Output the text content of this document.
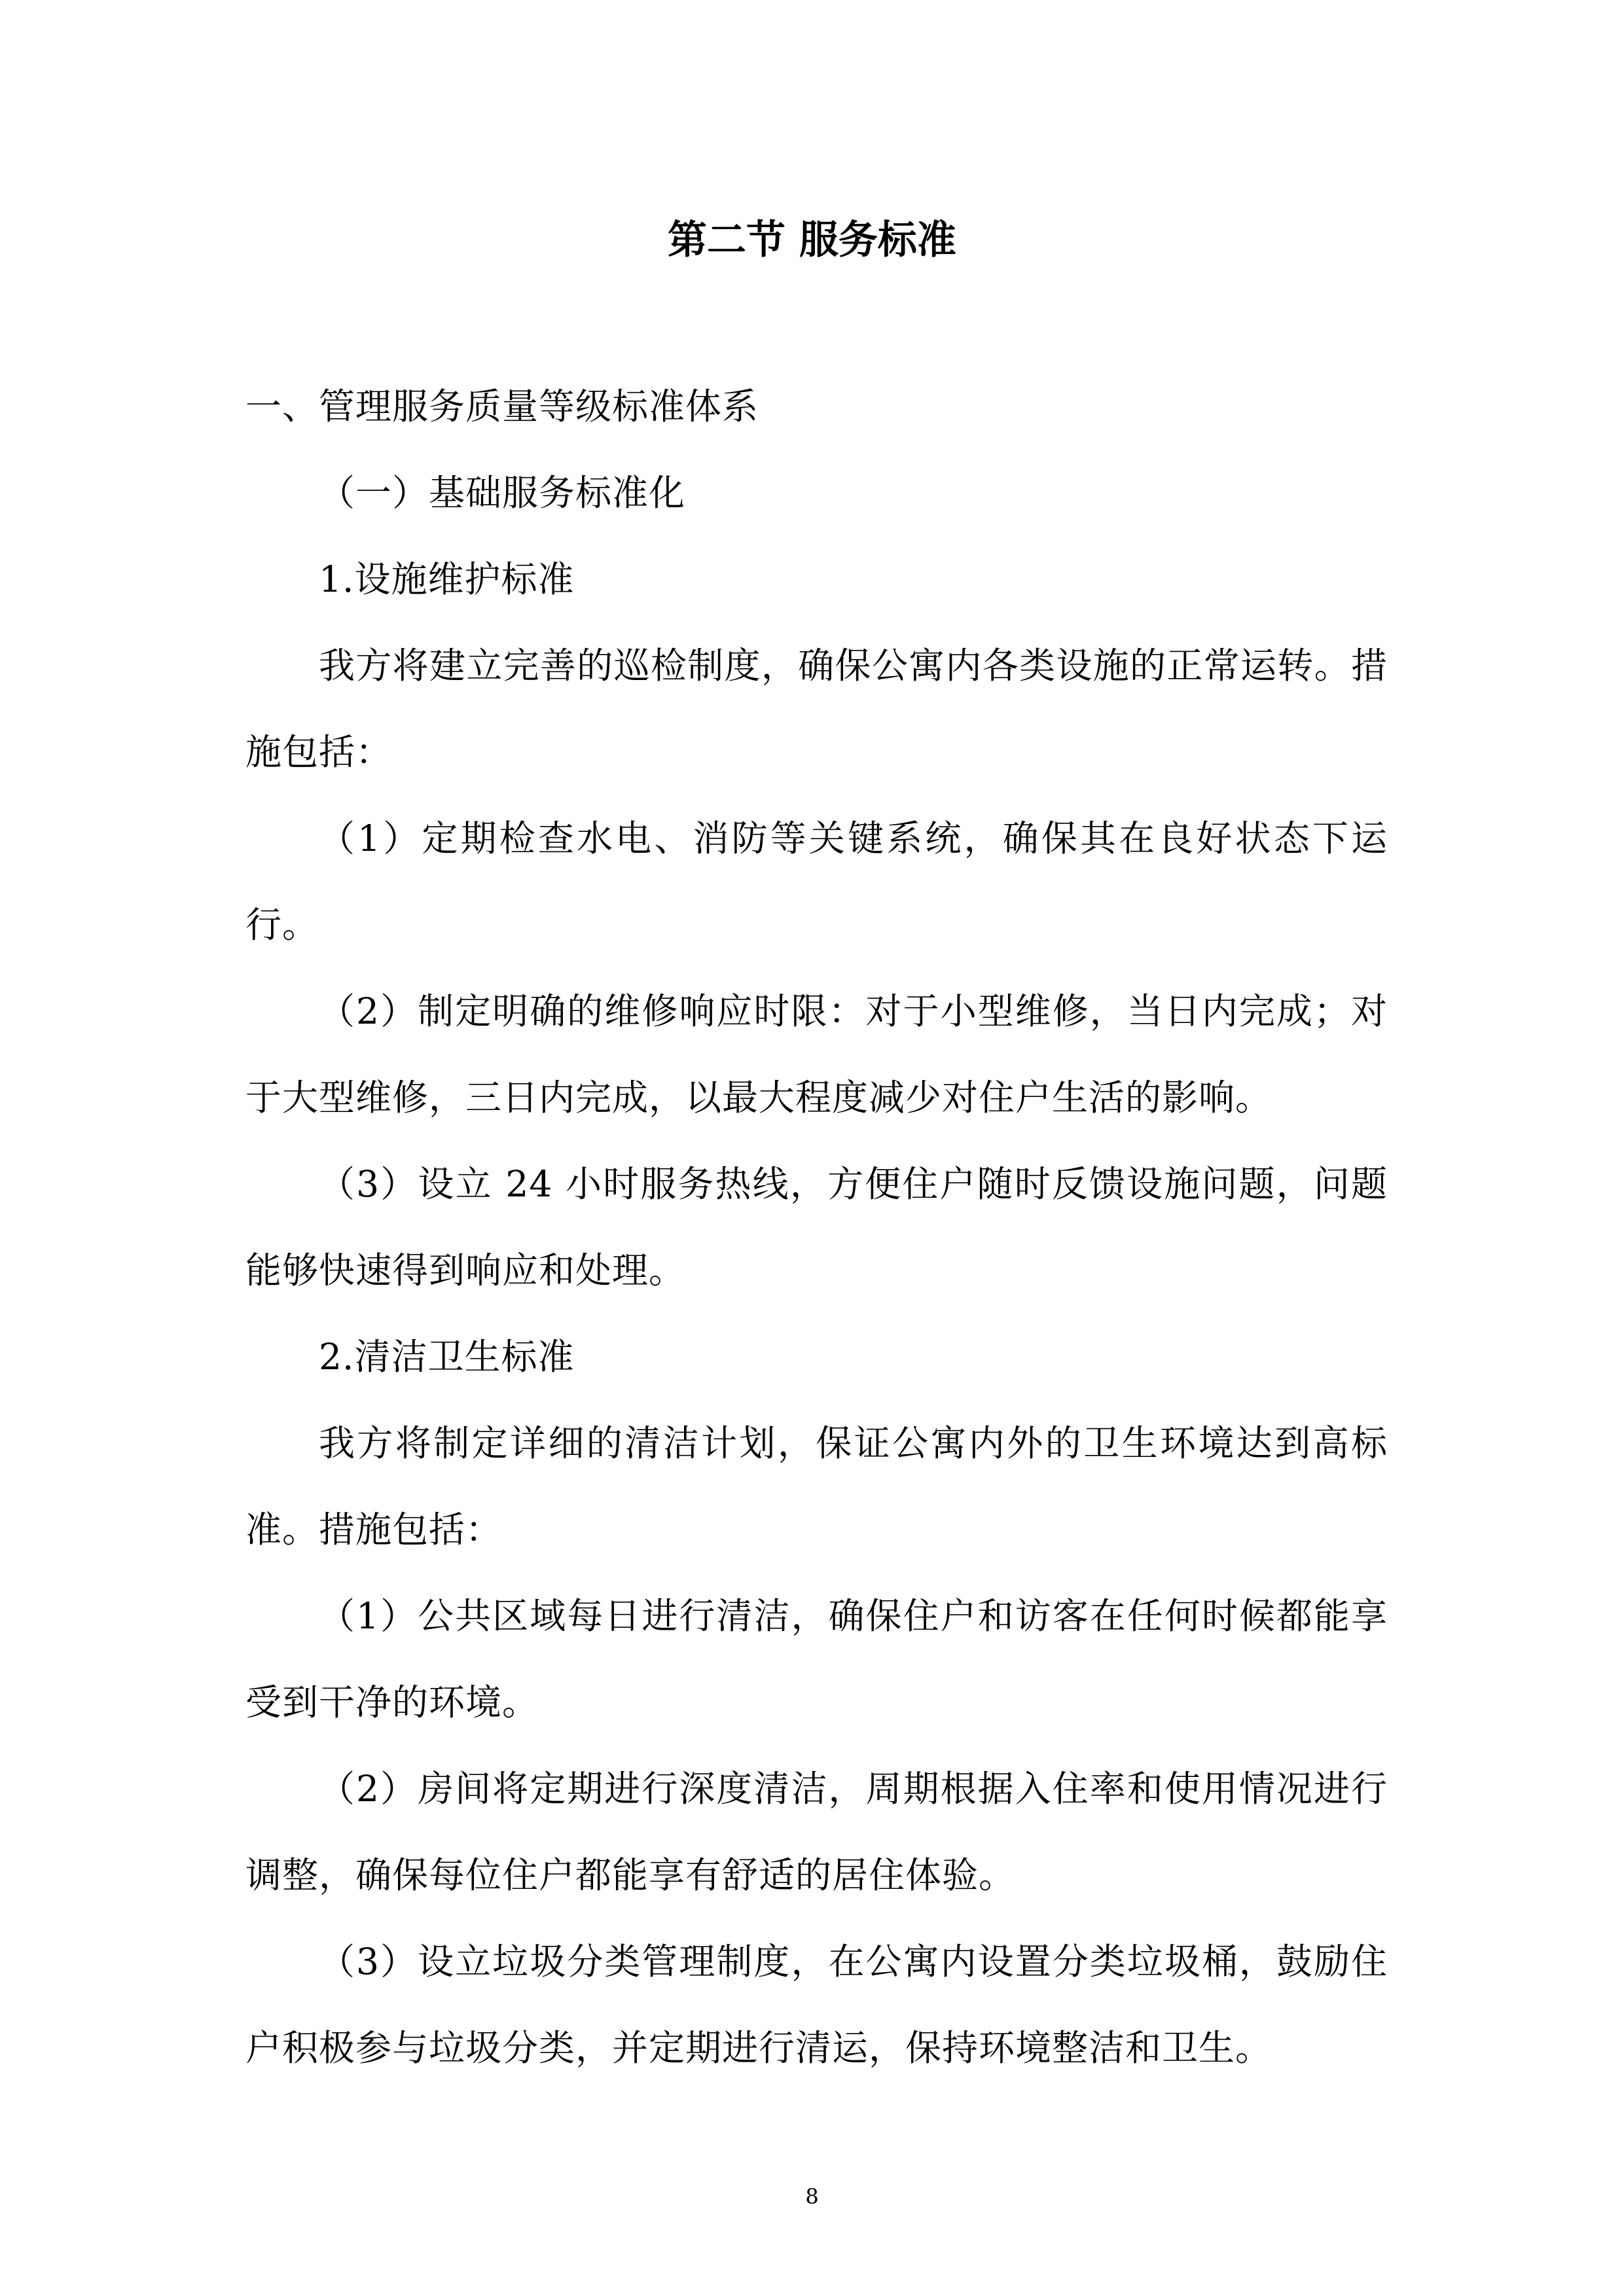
第二节 服务标准

一、管理服务质量等级标准体系

（一）基础服务标准化

1.设施维护标准

我方将建立完善的巡检制度，确保公寓内各类设施的正常运转。措施包括：

（1）定期检查水电、消防等关键系统，确保其在良好状态下运行。

（2）制定明确的维修响应时限：对于小型维修，当日内完成；对于大型维修，三日内完成，以最大程度减少对住户生活的影响。

（3）设立 24 小时服务热线，方便住户随时反馈设施问题，问题能够快速得到响应和处理。

2.清洁卫生标准

我方将制定详细的清洁计划，保证公寓内外的卫生环境达到高标准。措施包括：

（1）公共区域每日进行清洁，确保住户和访客在任何时候都能享受到干净的环境。

（2）房间将定期进行深度清洁，周期根据入住率和使用情况进行调整，确保每位住户都能享有舒适的居住体验。

（3）设立垃圾分类管理制度，在公寓内设置分类垃圾桶，鼓励住户积极参与垃圾分类，并定期进行清运，保持环境整洁和卫生。

8
